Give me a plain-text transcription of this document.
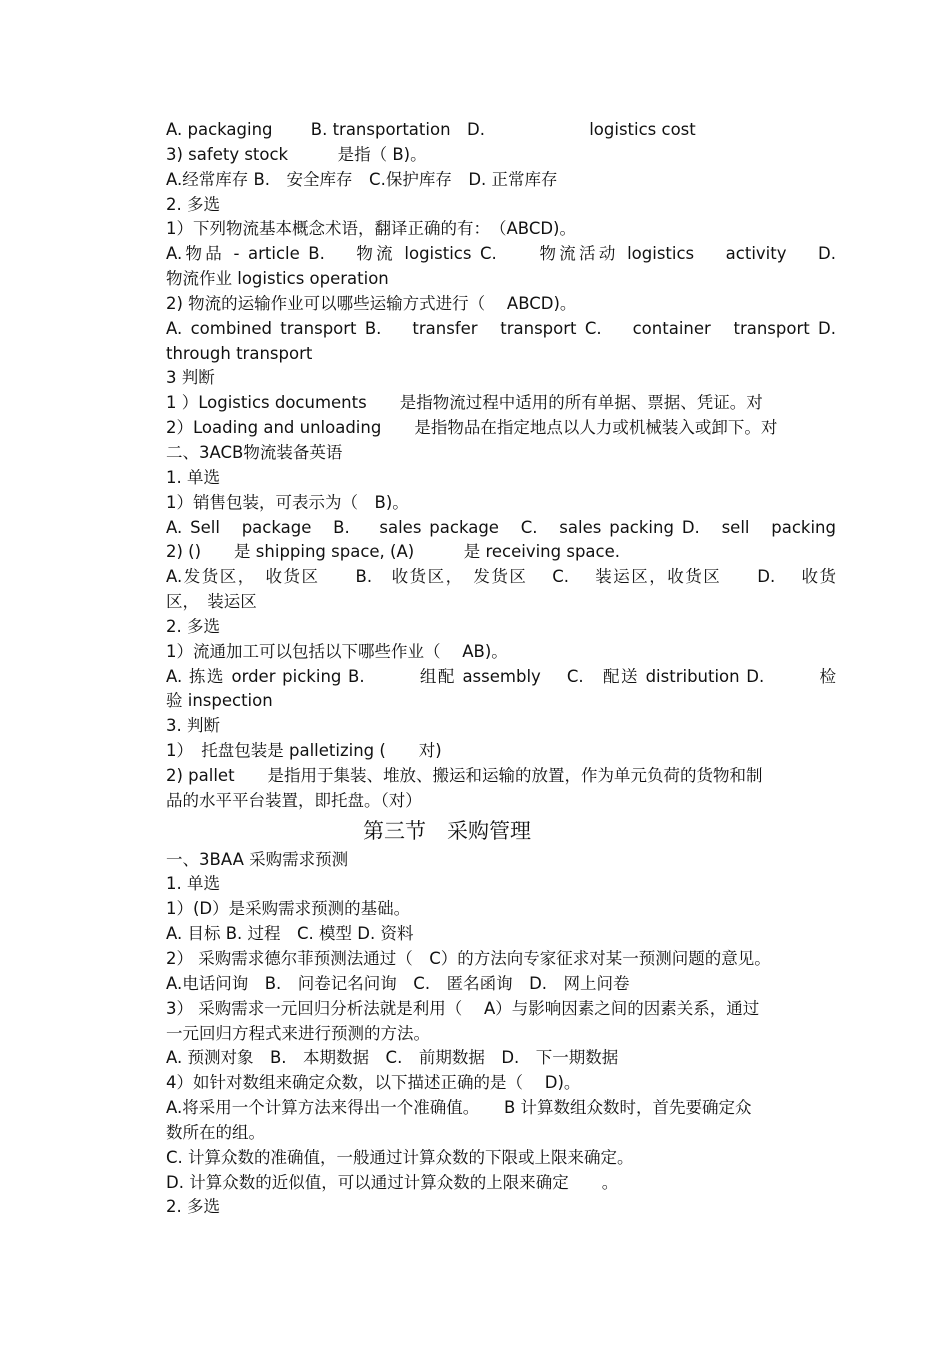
A. packaging　　 B. transportation　D.　　　　　　 logistics cost
3) safety stock　　　是指（ B)。
A.经常库存 B.　安全库存　C.保护库存　D. 正常库存
2. 多选
1）下列物流基本概念术语，翻译正确的有：　（ABCD)。
A.物品 - article B.　 物流 logistics C.　　物流活动 logistics　 activity　 D.
物流作业 logistics operation
2) 物流的运输作业可以哪些运输方式进行（　 ABCD)。
A. combined transport B.　 transfer　transport C.　 container　transport D.
through transport
3 判断
1 ）Logistics documents　　是指物流过程中适用的所有单据、票据、凭证。对
2）Loading and unloading　　是指物品在指定地点以人力或机械装入或卸下。对
二、3ACB物流装备英语
1. 单选
1）销售包装，可表示为（　B)。
A. Sell　package　B.　 sales package　C.　sales packing D.　sell　packing
2) ()　　是 shipping space, (A)　　　是 receiving space.
A.发货区，　收货区　　B.　收货区，　发货区　 C.　 装运区，收货区　　D.　 收货
区，　装运区
2. 多选
1）流通加工可以包括以下哪些作业（　 AB)。
A. 拣选 order picking B.　　　组配 assembly　 C.　配送 distribution D.　　　检
验 inspection
3. 判断
1）　托盘包装是 palletizing (　　对)
2) pallet　　是指用于集装、堆放、搬运和运输的放置，作为单元负荷的货物和制
品的水平平台装置，即托盘。（对）
第三节　采购管理
一、3BAA 采购需求预测
1. 单选
1）(D）是采购需求预测的基础。
A. 目标 B. 过程　C. 模型 D. 资料
2） 采购需求德尔菲预测法通过（　C）的方法向专家征求对某一预测问题的意见。
A.电话问询　B.　问卷记名问询　C.　匿名函询　D.　网上问卷
3） 采购需求一元回归分析法就是利用（　 A）与影响因素之间的因素关系，通过
一元回归方程式来进行预测的方法。
A. 预测对象　B.　本期数据　C.　前期数据　D.　下一期数据
4）如针对数组来确定众数，以下描述正确的是（　 D)。
A.将采用一个计算方法来得出一个准确值。　　B 计算数组众数时，首先要确定众
数所在的组。
C. 计算众数的准确值，一般通过计算众数的下限或上限来确定。
D. 计算众数的近似值，可以通过计算众数的上限来确定　　。
2. 多选
